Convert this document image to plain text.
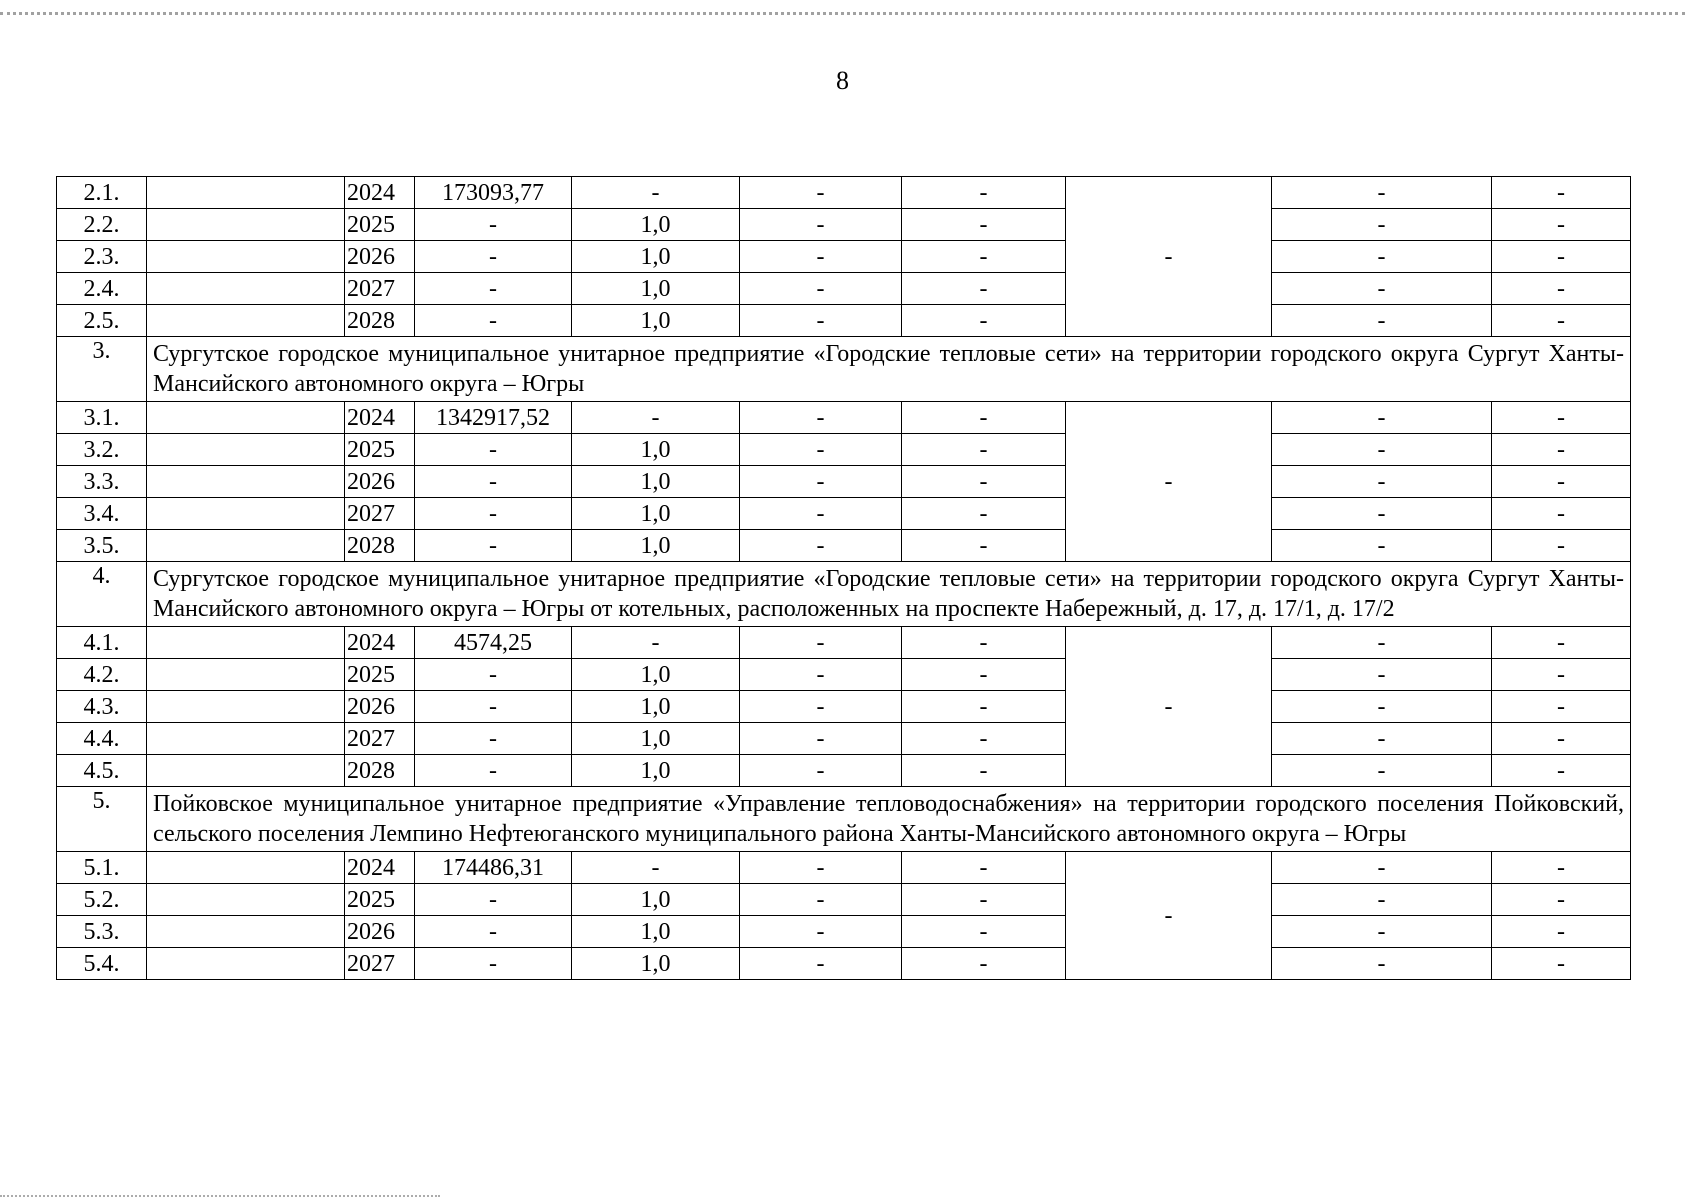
8
2.1.		2024	173093,77	-	-	-	-	-	-
2.2.		2025	-	1,0	-	-		-	-
2.3.		2026	-	1,0	-	-		-	-
2.4.		2027	-	1,0	-	-		-	-
2.5.		2028	-	1,0	-	-		-	-
3.	Сургутское городское муниципальное унитарное предприятие «Городские тепловые сети» на территории городского округа Сургут Ханты-Мансийского автономного округа – Югры								
3.1.		2024	1342917,52	-	-	-	-	-	-
3.2.		2025	-	1,0	-	-		-	-
3.3.		2026	-	1,0	-	-		-	-
3.4.		2027	-	1,0	-	-		-	-
3.5.		2028	-	1,0	-	-		-	-
4.	Сургутское городское муниципальное унитарное предприятие «Городские тепловые сети» на территории городского округа Сургут Ханты-Мансийского автономного округа – Югры от котельных, расположенных на проспекте Набережный, д. 17, д. 17/1, д. 17/2								
4.1.		2024	4574,25	-	-	-	-	-	-
4.2.		2025	-	1,0	-	-		-	-
4.3.		2026	-	1,0	-	-		-	-
4.4.		2027	-	1,0	-	-		-	-
4.5.		2028	-	1,0	-	-		-	-
5.	Пойковское муниципальное унитарное предприятие «Управление тепловодоснабжения» на территории городского поселения Пойковский, сельского поселения Лемпино Нефтеюганского муниципального района Ханты-Мансийского автономного округа – Югры								
5.1.		2024	174486,31	-	-	-	-	-	-
5.2.		2025	-	1,0	-	-		-	-
5.3.		2026	-	1,0	-	-		-	-
5.4.		2027	-	1,0	-	-		-	-
